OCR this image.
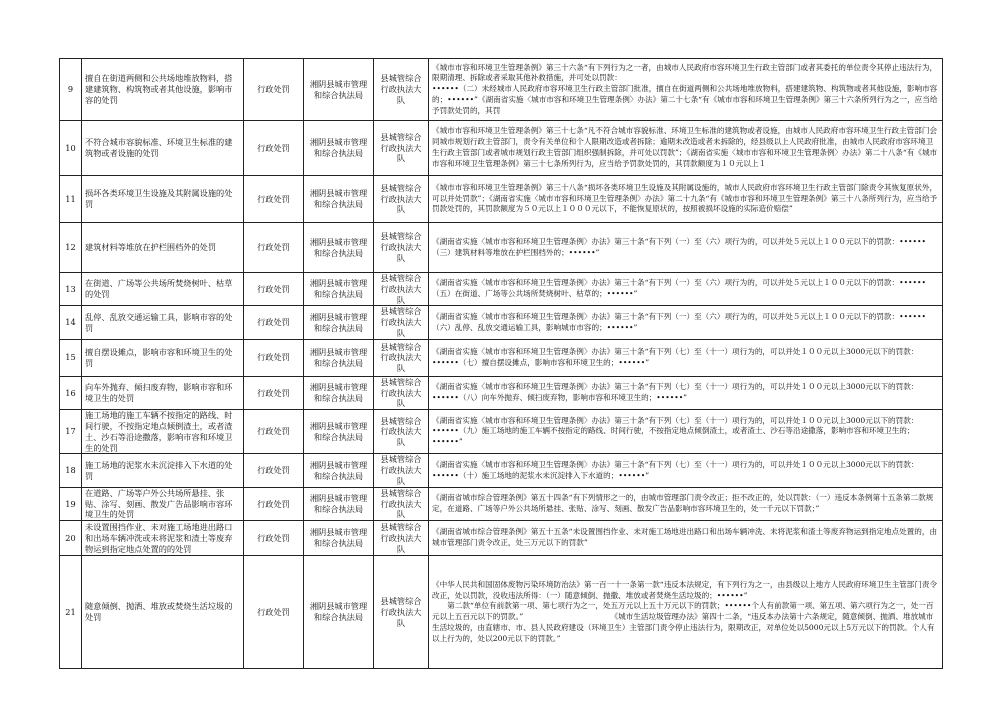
9	擅自在街道两侧和公共场地堆放物料，搭建建筑物、构筑物或者其他设施，影响市容的处罚	行政处罚	湘阴县城市管理和综合执法局	县城管综合行政执法大队	《城市市容和环境卫生管理条例》第三十六条“有下列行为之一者，由城市人民政府市容环境卫生行政主管部门或者其委托的单位责令其停止违法行为，限期清理、拆除或者采取其他补救措施，并可处以罚款：
••••••（二）未经城市人民政府市容环境卫生行政主管部门批准，擅自在街道两侧和公共场地堆放物料，搭建建筑物、构筑物或者其他设施，影响市容的；••••••”《湖南省实施〈城市市容和环境卫生管理条例〉办法》第二十七条“有《城市市容和环境卫生管理条例》第三十六条所列行为之一，应当给予罚款处罚的，其罚

10	不符合城市容貌标准、环境卫生标准的建筑物或者设施的处罚	行政处罚	湘阴县城市管理和综合执法局	县城管综合行政执法大队	《城市市容和环境卫生管理条例》第三十七条“凡不符合城市容貌标准、环境卫生标准的建筑物或者设施，由城市人民政府市容环境卫生行政主管部门会同城市规划行政主管部门，责令有关单位和个人限期改造或者拆除；逾期未改造或者未拆除的，经县级以上人民政府批准，由城市人民政府市容环境卫生行政主管部门或者城市规划行政主管部门组织强制拆除，并可处以罚款”；《湖南省实施〈城市市容和环境卫生管理条例〉办法》第二十八条“有《城市市容和环境卫生管理条例》第三十七条所列行为，应当给予罚款处罚的，其罚款额度为１０元以上１

11	损坏各类环境卫生设施及其附属设施的处罚	行政处罚	湘阴县城市管理和综合执法局	县城管综合行政执法大队	《城市市容和环境卫生管理条例》第三十八条“损坏各类环境卫生设施及其附属设施的，城市人民政府市容环境卫生行政主管部门除责令其恢复原状外，可以并处罚款”；《湖南省实施〈城市市容和环境卫生管理条例〉办法》第二十九条“有《城市市容和环境卫生管理条例》第三十八条所列行为，应当给予罚款处罚的，其罚款额度为５０元以上１０００元以下，不能恢复原状的，按照被损坏设施的实际造价赔偿”

12	建筑材料等堆放在护栏围档外的处罚	行政处罚	湘阴县城市管理和综合执法局	县城管综合行政执法大队	《湖南省实施〈城市市容和环境卫生管理条例〉办法》第三十条“有下列（一）至（六）项行为的，可以并处５元以上１００元以下的罚款：••••••（三）建筑材料等堆放在护栏围档外的；••••••”

13	在街道、广场等公共场所焚烧树叶、枯草的处罚	行政处罚	湘阴县城市管理和综合执法局	县城管综合行政执法大队	《湖南省实施〈城市市容和环境卫生管理条例〉办法》第三十条“有下列（一）至（六）项行为的，可以并处５元以上１００元以下的罚款：••••••（五）在街道、广场等公共场所焚烧树叶、枯草的；••••••”

14	乱停、乱放交通运输工具，影响市容的处罚	行政处罚	湘阴县城市管理和综合执法局	县城管综合行政执法大队	《湖南省实施〈城市市容和环境卫生管理条例〉办法》第三十条“有下列（一）至（六）项行为的，可以并处５元以上１００元以下的罚款：••••••（六）乱停、乱放交通运输工具，影响城市市容的；••••••”

15	擅自摆设摊点，影响市容和环境卫生的处罚	行政处罚	湘阴县城市管理和综合执法局	县城管综合行政执法大队	《湖南省实施〈城市市容和环境卫生管理条例〉办法》第三十条“有下列（七）至（十一）项行为的，可以并处１００元以上3000元以下的罚款：••••••（七）擅自摆设摊点，影响市容和环境卫生的；••••••”

16	向车外抛弃、倾扫废弃物，影响市容和环境卫生的处罚	行政处罚	湘阴县城市管理和综合执法局	县城管综合行政执法大队	《湖南省实施〈城市市容和环境卫生管理条例〉办法》第三十条“有下列（七）至（十一）项行为的，可以并处１００元以上3000元以下的罚款：••••••（八）向车外抛弃、倾扫废弃物，影响市容和环境卫生的；••••••”

17	施工场地的施工车辆不按指定的路线、时间行驶，不按指定地点倾倒渣土，或者渣土、沙石等沿途撒落，影响市容和环境卫生的处罚	行政处罚	湘阴县城市管理和综合执法局	县城管综合行政执法大队	《湖南省实施〈城市市容和环境卫生管理条例〉办法》第三十条“有下列（七）至（十一）项行为的，可以并处１００元以上3000元以下的罚款：••••••（九）施工场地的施工车辆不按指定的路线、时间行驶，不按指定地点倾倒渣土，或者渣土、沙石等沿途撒落，影响市容和环境卫生的；••••••”

18	施工场地的泥浆水未沉淀排入下水道的处罚	行政处罚	湘阴县城市管理和综合执法局	县城管综合行政执法大队	《湖南省实施〈城市市容和环境卫生管理条例〉办法》第三十条“有下列（七）至（十一）项行为的，可以并处１００元以上3000元以下的罚款：••••••（十）施工场地的泥浆水未沉淀排入下水道的；••••••”

19	在道路、广场等户外公共场所悬挂、张贴、涂写、刻画、散发广告品影响市容环境卫生的处罚	行政处罚	湘阴县城市管理和综合执法局	县城管综合行政执法大队	《湖南省城市综合管理条例》第五十四条“有下列情形之一的，由城市管理部门责令改正；拒不改正的，处以罚款：（一）违反本条例第十五条第二款规定，在道路、广场等户外公共场所悬挂、张贴、涂写、刻画、散发广告品影响市容环境卫生的，处一千元以下罚款；”

20	未设置围挡作业、未对施工场地进出路口和出场车辆冲洗或未将泥浆和渣土等废弃物运到指定地点处置的的处罚	行政处罚	湘阴县城市管理和综合执法局	县城管综合行政执法大队	《湖南省城市综合管理条例》第五十五条“未设置围挡作业、未对施工场地进出路口和出场车辆冲洗、未将泥浆和渣土等废弃物运到指定地点处置的，由城市管理部门责令改正，处三万元以下的罚款”

21	随意倾倒、抛洒、堆放或焚烧生活垃圾的处罚	行政处罚	湘阴县城市管理和综合执法局	县城管综合行政执法大队	《中华人民共和国固体废物污染环境防治法》第一百一十一条第一款“违反本法规定，有下列行为之一，由县级以上地方人民政府环境卫生主管部门责令改正，处以罚款，没收违法所得：（一）随意倾倒、抛撒、堆放或者焚烧生活垃圾的；••••••”
　　第二款“单位有前款第一项、第七项行为之一，处五万元以上五十万元以下的罚款；••••••个人有前款第一项、第五项、第六项行为之一，处一百元以上五百元以下的罚款。”　　　　　　　　　　　　《城市生活垃圾管理办法》第四十二条，“违反本办法第十六条规定，随意倾倒、抛洒、堆放城市生活垃圾的，由直辖市、市、县人民政府建设（环境卫生）主管部门责令停止违法行为，限期改正，对单位处以5000元以上5万元以下的罚款。个人有以上行为的，处以200元以下的罚款。”
